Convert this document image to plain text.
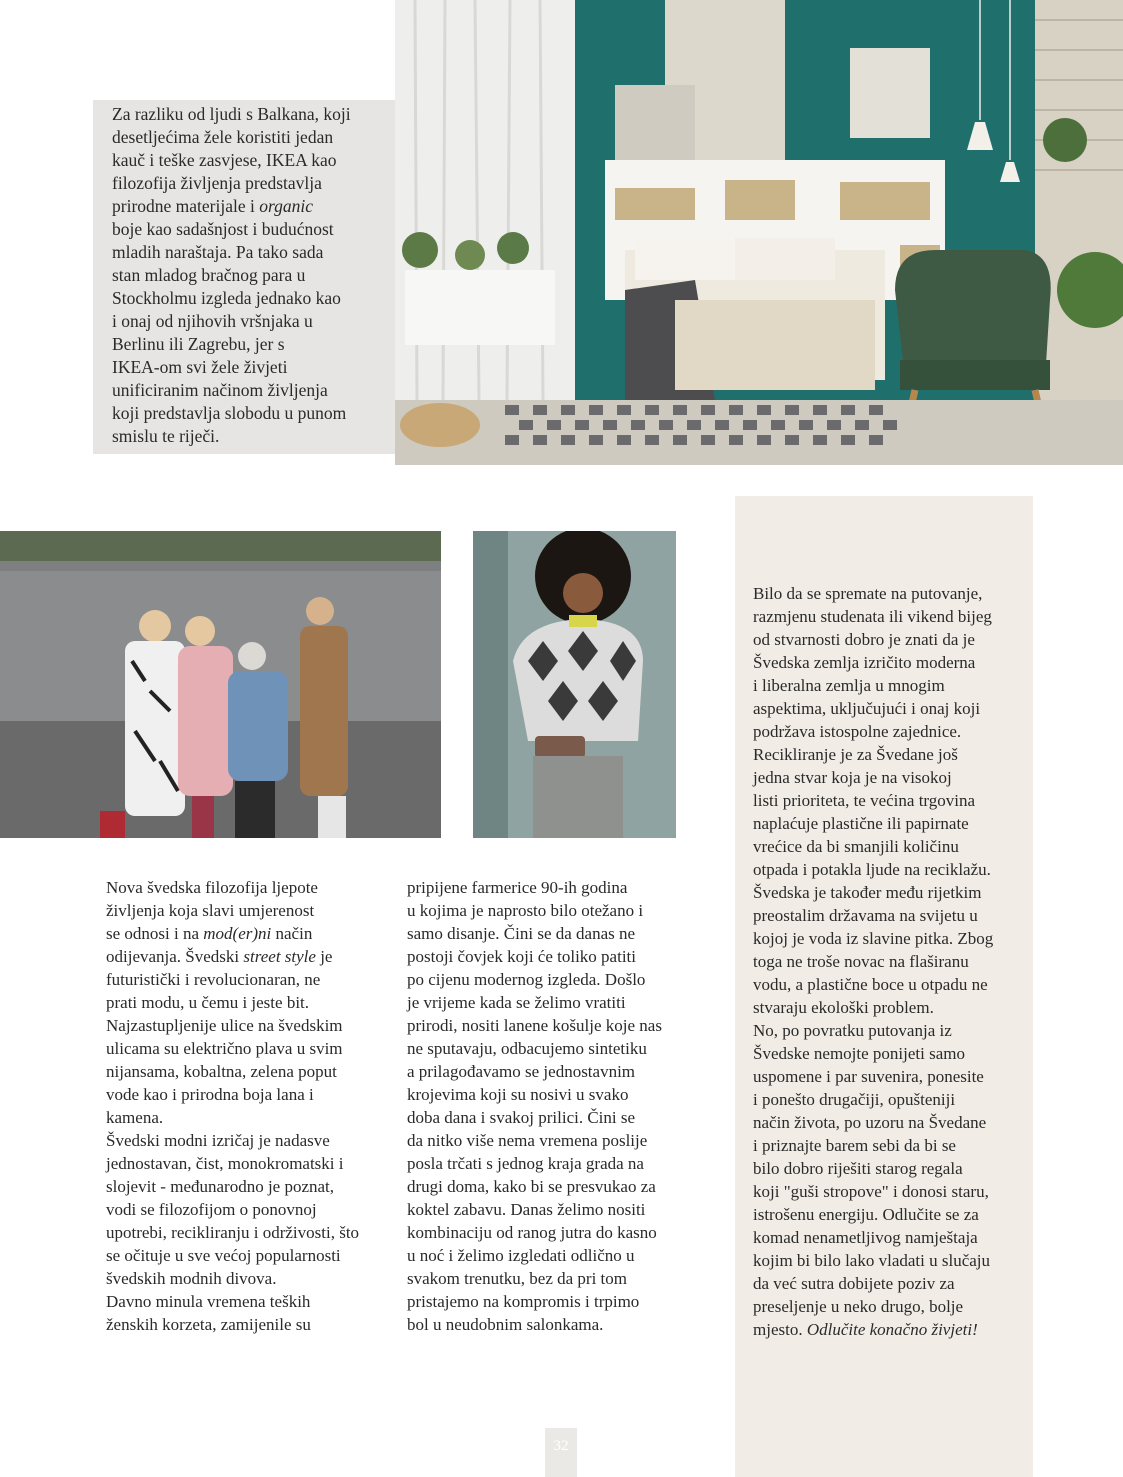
Za razliku od ljudi s Balkana, koji
desetljećima žele koristiti jedan
kauč i teške zasvjese, IKEA kao
filozofija življenja predstavlja
prirodne materijale i organic
boje kao sadašnjost i budućnost
mladih naraštaja. Pa tako sada
stan mladog bračnog para u
Stockholmu izgleda jednako kao
i onaj od njihovih vršnjaka u
Berlinu ili Zagrebu, jer s
IKEA-om svi žele živjeti
unificiranim načinom življenja
koji predstavlja slobodu u punom
smislu te riječi.
Bilo da se spremate na putovanje,
razmjenu studenata ili vikend bijeg
od stvarnosti dobro je znati da je
Švedska zemlja izričito moderna
i liberalna zemlja u mnogim
aspektima, uključujući i onaj koji
podržava istospolne zajednice.
Recikliranje je za Švedane još
jedna stvar koja je na visokoj
listi prioriteta, te većina trgovina
naplaćuje plastične ili papirnate
vrećice da bi smanjili količinu
otpada i potakla ljude na reciklažu.
Švedska je također među rijetkim
preostalim državama na svijetu u
kojoj je voda iz slavine pitka. Zbog
toga ne troše novac na flaširanu
vodu, a plastične boce u otpadu ne
stvaraju ekološki problem.
No, po povratku putovanja iz
Švedske nemojte ponijeti samo
uspomene i par suvenira, ponesite
i ponešto drugačiji, opušteniji
način života, po uzoru na Švedane
i priznajte barem sebi da bi se
bilo dobro riješiti starog regala
koji "guši stropove" i donosi staru,
istrošenu energiju. Odlučite se za
komad nenametljivog namještaja
kojim bi bilo lako vladati u slučaju
da već sutra dobijete poziv za
preseljenje u neko drugo, bolje
mjesto. Odlučite konačno živjeti!
Nova švedska filozofija ljepote
življenja koja slavi umjerenost
se odnosi i na mod(er)ni način
odijevanja. Švedski street style je
futuristički i revolucionaran, ne
prati modu, u čemu i jeste bit.
Najzastupljenije ulice na švedskim
ulicama su električno plava u svim
nijansama, kobaltna, zelena poput
vode kao i prirodna boja lana i
kamena.
Švedski modni izričaj je nadasve
jednostavan, čist, monokromatski i
slojevit - međunarodno je poznat,
vodi se filozofijom o ponovnoj
upotrebi, recikliranju i održivosti, što
se očituje u sve većoj popularnosti
švedskih modnih divova.
Davno minula vremena teških
ženskih korzeta, zamijenile su
pripijene farmerice 90-ih godina
u kojima je naprosto bilo otežano i
samo disanje. Čini se da danas ne
postoji čovjek koji će toliko patiti
po cijenu modernog izgleda. Došlo
je vrijeme kada se želimo vratiti
prirodi, nositi lanene košulje koje nas
ne sputavaju, odbacujemo sintetiku
a prilagođavamo se jednostavnim
krojevima koji su nosivi u svako
doba dana i svakoj prilici. Čini se
da nitko više nema vremena poslije
posla trčati s jednog kraja grada na
drugi doma, kako bi se presvukao za
koktel zabavu. Danas želimo nositi
kombinaciju od ranog jutra do kasno
u noć i želimo izgledati odlično u
svakom trenutku, bez da pri tom
pristajemo na kompromis i trpimo
bol u neudobnim salonkama.
32
